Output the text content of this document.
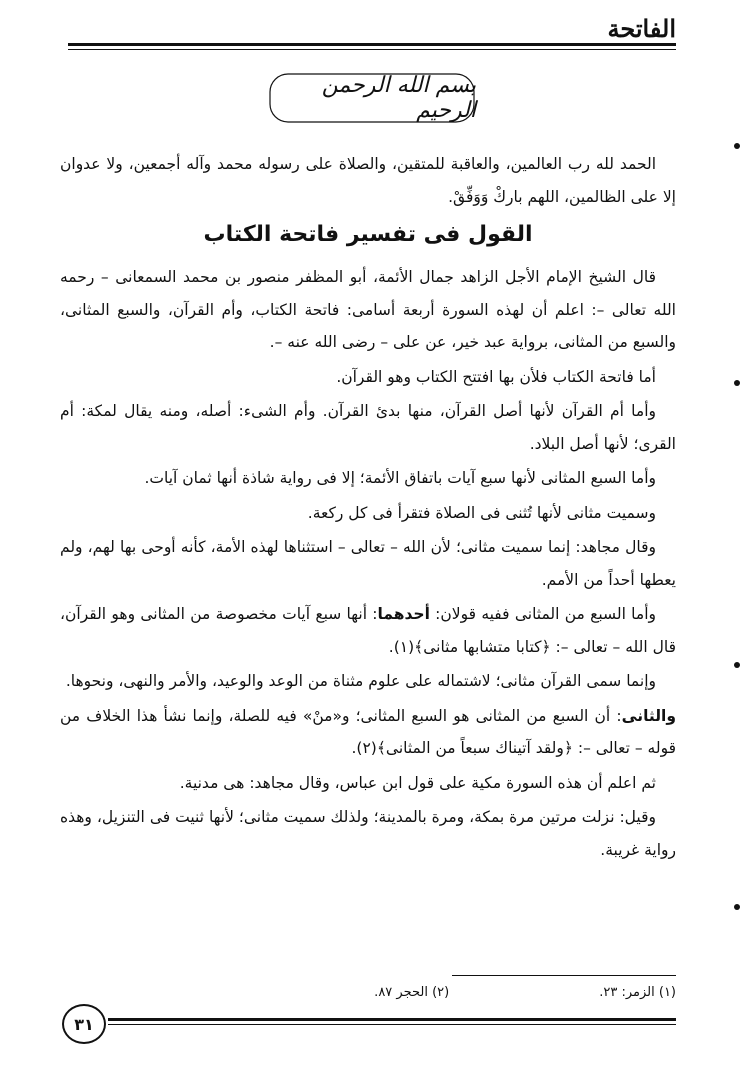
الفاتحة
بسم الله الرحمن الرحيم

الحمد لله رب العالمين، والعاقبة للمتقين، والصلاة على رسوله محمد وآله أجمعين، ولا عدوان إلا على الظالمين، اللهم باركْ وَوَفِّقْ.

القول فى تفسير فاتحة الكتاب

قال الشيخ الإمام الأجل الزاهد جمال الأئمة، أبو المظفر منصور بن محمد السمعانى – رحمه الله تعالى –: اعلم أن لهذه السورة أربعة أسامى: فاتحة الكتاب، وأم القرآن، والسبع المثانى، والسبع من المثانى، برواية عبد خير، عن على – رضى الله عنه –.

أما فاتحة الكتاب فلأن بها افتتح الكتاب وهو القرآن.

وأما أم القرآن لأنها أصل القرآن، منها بدئ القرآن. وأم الشىء: أصله، ومنه يقال لمكة: أم القرى؛ لأنها أصل البلاد.

وأما السبع المثانى لأنها سبع آيات باتفاق الأئمة؛ إلا فى رواية شاذة أنها ثمان آيات.

وسميت مثانى لأنها تُثنى فى الصلاة فتقرأ فى كل ركعة.

وقال مجاهد: إنما سميت مثانى؛ لأن الله – تعالى – استثناها لهذه الأمة، كأنه أوحى بها لهم، ولم يعطها أحداً من الأمم.

وأما السبع من المثانى ففيه قولان: أحدهما: أنها سبع آيات مخصوصة من المثانى وهو القرآن، قال الله – تعالى –: ﴿كتابا متشابها مثانى﴾(١).

وإنما سمى القرآن مثانى؛ لاشتماله على علوم مثناة من الوعد والوعيد، والأمر والنهى، ونحوها.

والثانى: أن السبع من المثانى هو السبع المثانى؛ و«منْ» فيه للصلة، وإنما نشأ هذا الخلاف من قوله – تعالى –: ﴿ولقد آتيناك سبعاً من المثانى﴾(٢).

ثم اعلم أن هذه السورة مكية على قول ابن عباس، وقال مجاهد: هى مدنية.

وقيل: نزلت مرتين مرة بمكة، ومرة بالمدينة؛ ولذلك سميت مثانى؛ لأنها ثنيت فى التنزيل، وهذه رواية غريبة.

(١) الزمر: ٢٣.
(٢) الحجر ٨٧.
٣١
